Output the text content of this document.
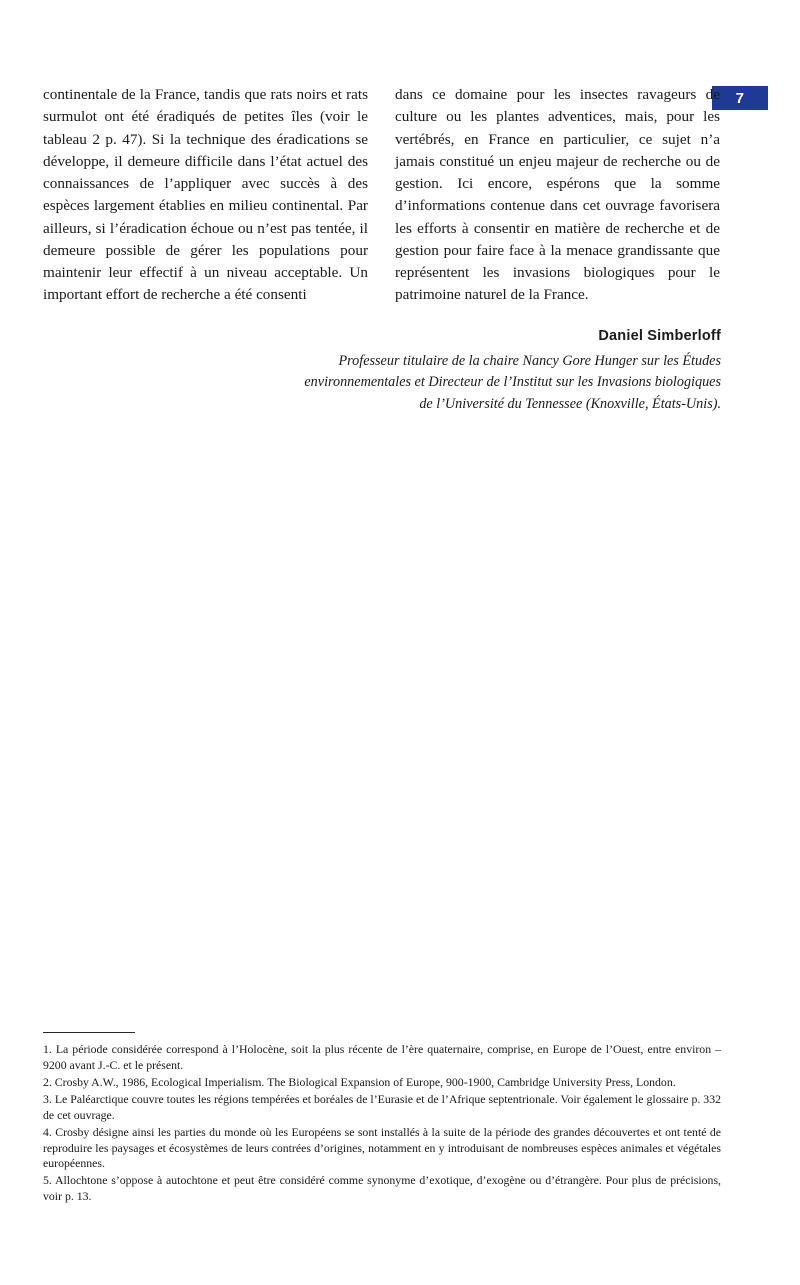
7

continentale de la France, tandis que rats noirs et rats surmulot ont été éradiqués de petites îles (voir le tableau 2 p. 47). Si la technique des éradications se développe, il demeure difficile dans l’état actuel des connaissances de l’appliquer avec succès à des espèces largement établies en milieu continental. Par ailleurs, si l’éradication échoue ou n’est pas tentée, il demeure possible de gérer les populations pour maintenir leur effectif à un niveau acceptable. Un important effort de recherche a été consenti

dans ce domaine pour les insectes ravageurs de culture ou les plantes adventices, mais, pour les vertébrés, en France en particulier, ce sujet n’a jamais constitué un enjeu majeur de recherche ou de gestion. Ici encore, espérons que la somme d’informations contenue dans cet ouvrage favorisera les efforts à consentir en matière de recherche et de gestion pour faire face à la menace grandissante que représentent les invasions biologiques pour le patrimoine naturel de la France.

Daniel Simberloff
Professeur titulaire de la chaire Nancy Gore Hunger sur les Études
environnementales et Directeur de l’Institut sur les Invasions biologiques
de l’Université du Tennessee (Knoxville, États-Unis).

1. La période considérée correspond à l’Holocène, soit la plus récente de l’ère quaternaire, comprise, en Europe de l’Ouest, entre environ – 9200 avant J.-C. et le présent.

2. Crosby A.W., 1986, Ecological Imperialism. The Biological Expansion of Europe, 900-1900, Cambridge University Press, London.

3. Le Paléarctique couvre toutes les régions tempérées et boréales de l’Eurasie et de l’Afrique septentrionale. Voir également le glossaire p. 332 de cet ouvrage.

4. Crosby désigne ainsi les parties du monde où les Européens se sont installés à la suite de la période des grandes découvertes et ont tenté de reproduire les paysages et écosystèmes de leurs contrées d’origines, notamment en y introduisant de nombreuses espèces animales et végétales européennes.

5. Allochtone s’oppose à autochtone et peut être considéré comme synonyme d’exotique, d’exogène ou d’étrangère. Pour plus de précisions, voir p. 13.
